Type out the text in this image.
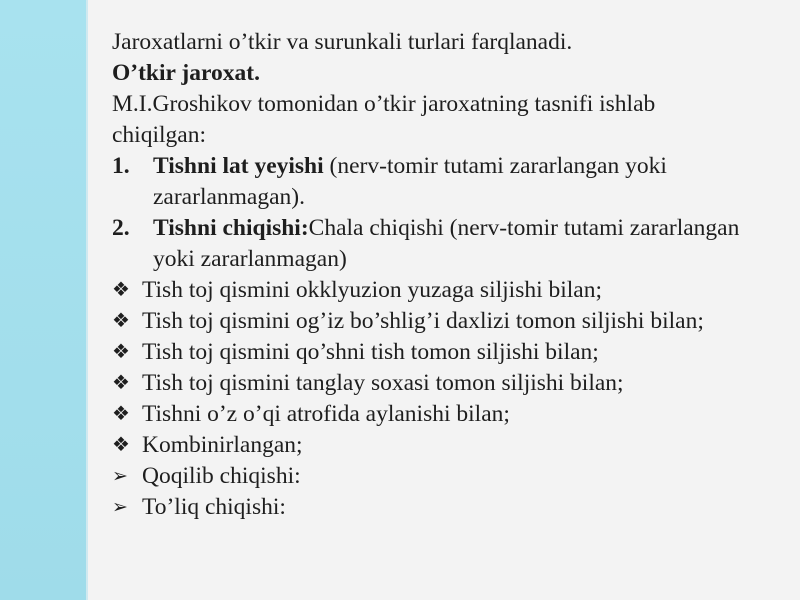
Jaroxatlarni o’tkir va surunkali turlari farqlanadi.

O’tkir jaroxat.

M.I.Groshikov tomonidan o’tkir jaroxatning tasnifi ishlab chiqilgan:

1. Tishni lat yeyishi (nerv-tomir tutami zararlangan yoki zararlanmagan).
2. Tishni chiqishi:Chala chiqishi (nerv-tomir tutami zararlangan yoki zararlanmagan)
❖ Tish toj qismini okklyuzion yuzaga siljishi bilan;
❖ Tish toj qismini og’iz bo’shlig’i daxlizi tomon siljishi bilan;
❖ Tish toj qismini qo’shni tish tomon siljishi bilan;
❖ Tish toj qismini tanglay soxasi tomon siljishi bilan;
❖ Tishni o’z o’qi atrofida aylanishi bilan;
❖ Kombinirlangan;
➢ Qoqilib chiqishi:
➢ To’liq chiqishi:
